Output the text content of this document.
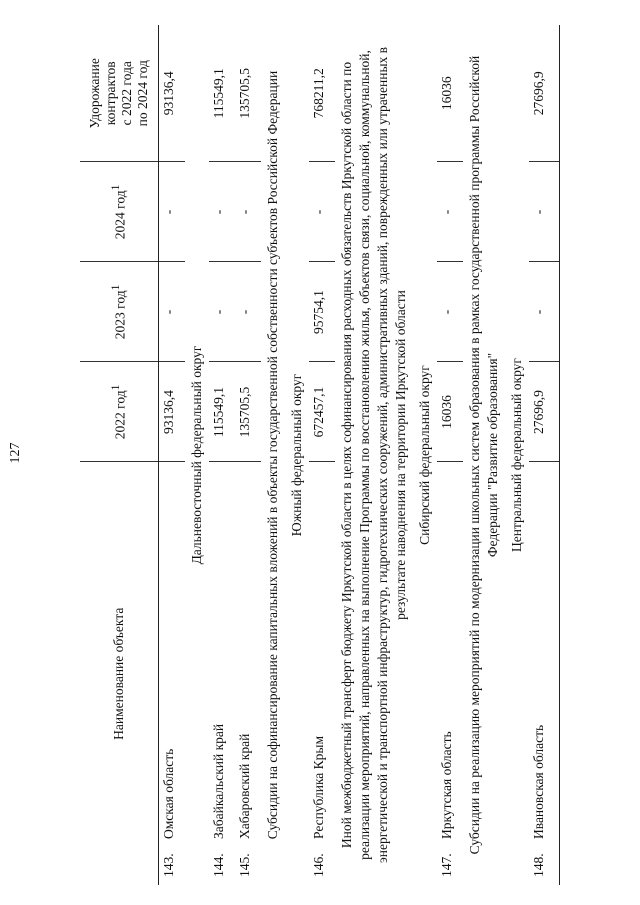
127
Наименование объекта	2022 год$^1$	2023 год$^1$	2024 год$^1$	Удорожание контрактов с 2022 года по 2024 год

143.Омская область	93136,4	-	-	93136,4
Дальневосточный федеральный округ				
144.Забайкальский край	115549,1	-	-	115549,1
145.Хабаровский край	135705,5	-	-	135705,5
Субсидии на софинансирование капитальных вложений в объекты государственной собственности субъектов Российской Федерации				
Южный федеральный округ				
146.Республика Крым	672457,1	95754,1	-	768211,2
Иной межбюджетный трансферт бюджету Иркутской области в целях софинансирования расходных обязательств Иркутской области по реализации мероприятий, направленных на выполнение Программы по восстановлению жилья, объектов связи, социальной, коммунальной, энергетической и транспортной инфраструктур, гидротехнических сооружений, административных зданий, поврежденных или утраченных в результате наводнения на территории Иркутской области				
Сибирский федеральный округ				
147.Иркутская область	16036	-	-	16036
Субсидии на реализацию мероприятий по модернизации школьных систем образования в рамках государственной программы Российской Федерации "Развитие образования"				
Центральный федеральный округ				
148.Ивановская область	27696,9	-	-	27696,9
